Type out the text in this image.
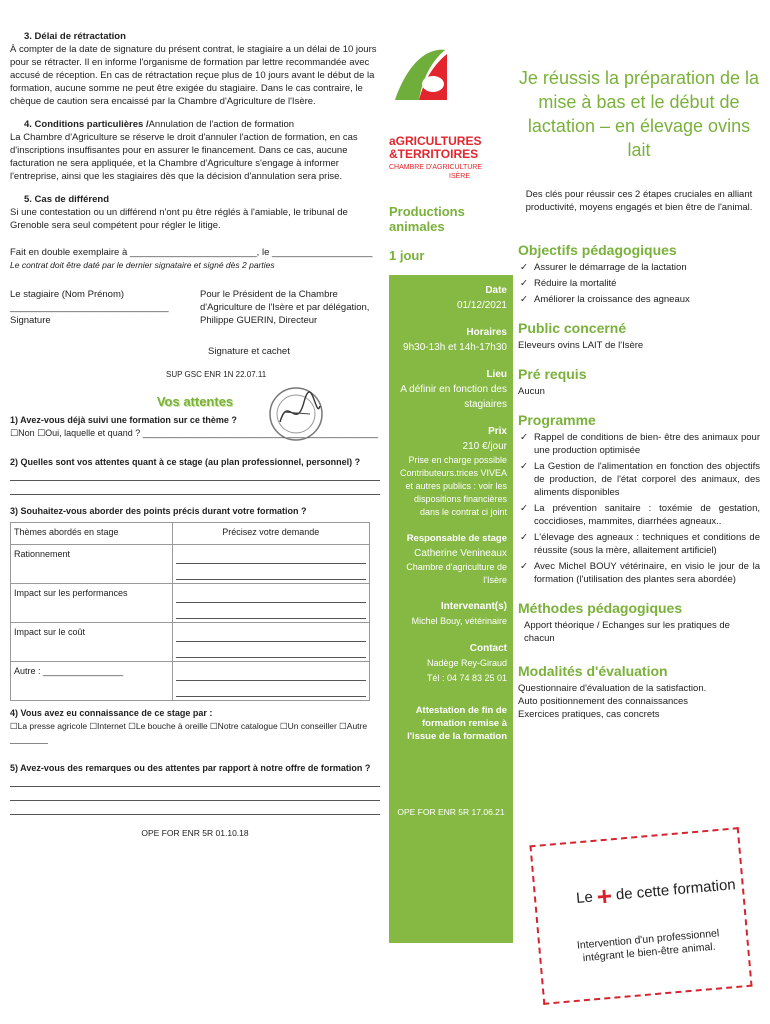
3. Délai de rétractation

À compter de la date de signature du présent contrat, le stagiaire a un délai de 10 jours pour se rétracter. Il en informe l'organisme de formation par lettre recommandée avec accusé de réception. En cas de rétractation reçue plus de 10 jours avant le début de la formation, aucune somme ne peut être exigée du stagiaire. Dans le cas contraire, le chèque de caution sera encaissé par la Chambre d'Agriculture de l'Isère.

4. Conditions particulières /Annulation de l'action de formation

La Chambre d'Agriculture se réserve le droit d'annuler l'action de formation, en cas d'inscriptions insuffisantes pour en assurer le financement. Dans ce cas, aucune facturation ne sera appliquée, et la Chambre d'Agriculture s'engage à informer l'entreprise, ainsi que les stagiaires dès que la décision d'annulation sera prise.

5. Cas de différend

Si une contestation ou un différend n'ont pu être réglés à l'amiable, le tribunal de Grenoble sera seul compétent pour régler le litige.

Fait en double exemplaire à ________________________, le ___________________
Le contrat doit être daté par le dernier signataire et signé dès 2 parties
Le stagiaire (Nom Prénom)
______________________________
Signature
Pour le Président de la Chambre d'Agriculture de l'Isère et par délégation, Philippe GUERIN, Directeur
Signature et cachet
SUP GSC ENR 1N 22.07.11
Vos attentes
1) Avez-vous déjà suivi une formation sur ce thème ?
☐Non ☐Oui, laquelle et quand ? _______________________________________________
2) Quelles sont vos attentes quant à ce stage (au plan professionnel, personnel) ?
3) Souhaitez-vous aborder des points précis durant votre formation ?
Thèmes abordés en stage	Précisez votre demande
Rationnement	

Impact sur les performances	

Impact sur le coût	

Autre : ________________	
4) Vous avez eu connaissance de ce stage par :
☐La presse agricole ☐Internet ☐Le bouche à oreille ☐Notre catalogue ☐Un conseiller ☐Autre ________
5) Avez-vous des remarques ou des attentes par rapport à notre offre de formation ?
OPE FOR ENR 5R 01.10.18
aGRICULTURES
&TERRITOIRES
CHAMBRE D'AGRICULTURE
ISÈRE
Productions animales
1 jour
Date
01/12/2021
Horaires
9h30-13h et 14h-17h30
Lieu
A définir en fonction des stagiaires
Prix
210 €/jour
Prise en charge possible Contributeurs.trices VIVEA et autres publics : voir les dispositions financières dans le contrat ci joint
Responsable de stage
Catherine Venineaux
Chambre d'agriculture de l'Isère
Intervenant(s)
Michel Bouy, vétérinaire
Contact
Nadège Rey-Giraud
Tél : 04 74 83 25 01
Attestation de fin de formation remise à l'issue de la formation
OPE FOR ENR 5R 17.06.21
Je réussis la préparation de la mise à bas et le début de lactation – en élevage ovins lait
Des clés pour réussir ces 2 étapes cruciales en alliant productivité, moyens engagés et bien être de l'animal.
Objectifs pédagogiques
✓ Assurer le démarrage de la lactation
✓ Réduire la mortalité
✓ Améliorer la croissance des agneaux
Public concerné
Eleveurs ovins LAIT de l'Isère
Pré requis
Aucun
Programme
✓ Rappel de conditions de bien- être des animaux pour une production optimisée
✓ La Gestion de l'alimentation en fonction des objectifs de production, de l'état corporel des animaux, des aliments disponibles
✓ La prévention sanitaire : toxémie de gestation, coccidioses, mammites, diarrhées agneaux..
✓ L'élevage des agneaux : techniques et conditions de réussite (sous la mère, allaitement artificiel)
✓ Avec Michel BOUY vétérinaire, en visio le jour de la formation (l'utilisation des plantes sera abordée)
Méthodes pédagogiques
Apport théorique / Echanges sur les pratiques de chacun
Modalités d'évaluation
Questionnaire d'évaluation de la satisfaction.
Auto positionnement des connaissances
Exercices pratiques, cas concrets
Le+ de cette formation
Intervention d'un professionnel intégrant le bien-être animal.
